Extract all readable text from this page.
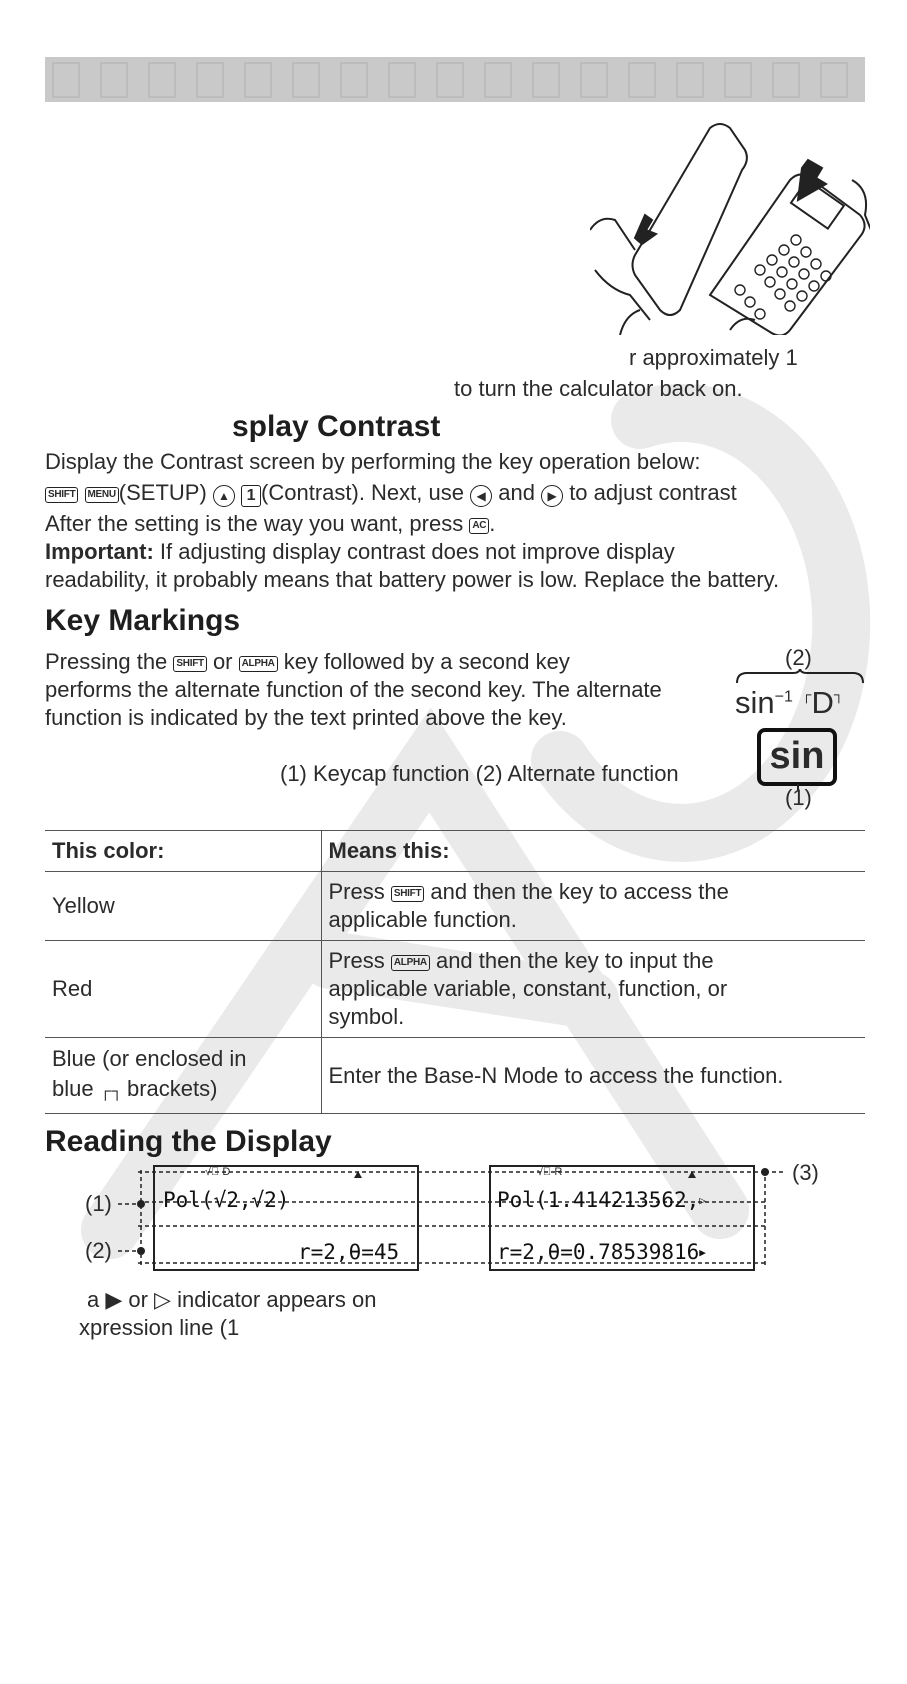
r approximately 1
to turn the calculator back on.
splay Contrast
Display the Contrast screen by performing the key operation below:
SHIFT MENU (SETUP) ▲ 1 (Contrast). Next, use ◀ and ▶ to adjust contrast
After the setting is the way you want, press AC .
Important: If adjusting display contrast does not improve display
readability, it probably means that battery power is low. Replace the battery.
Key Markings
Pressing the SHIFT or ALPHA key followed by a second key
performs the alternate function of the second key. The alternate
function is indicated by the text printed above the key.
(1) Keycap function (2) Alternate function
(2)
$\sin^{-1} ^┌D^┐$
sin
(1)
This color:	Means this:
Yellow	Press SHIFT and then the key to access the
applicable function.
Red	Press ALPHA and then the key to input the
applicable variable, constant, function, or
symbol.
Blue (or enclosed in
blue ┌ ┐ brackets)	Enter the Base-N Mode to access the function.
Reading the Display
(1)
(2)
(3)
√ D
Pol(√2,√2)
r=2,θ=45
√ R
Pol(1.414213562,▷
r=2,θ=0.78539816▶
a ▶ or ▷ indicator appears on
xpression line (1
